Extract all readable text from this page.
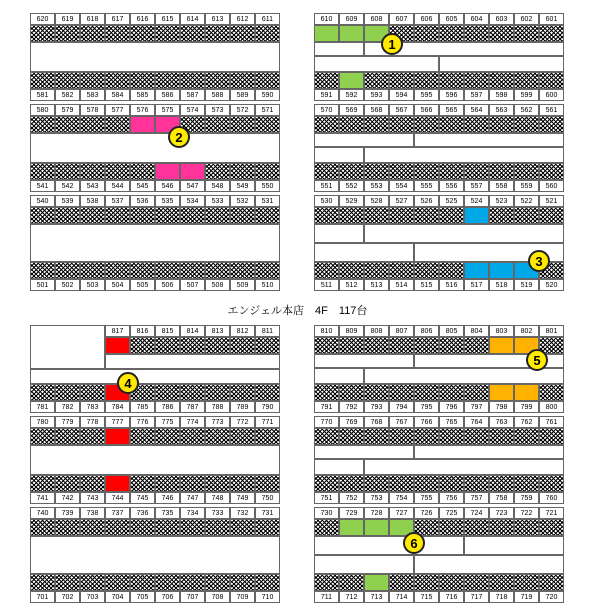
620	619	618	617	616	615	614	613	612	611	610	609	608	607	606	605	604	603	602	601
581	582	583	584	585	586	587	588	589	590	591	592	593	594	595	596	597	598	599	600
580	579	578	577	576	575	574	573	572	571	570	569	568	567	566	565	564	563	562	561
541	542	543	544	545	546	547	548	549	550	551	552	553	554	555	556	557	558	559	560
540	539	538	537	536	535	534	533	532	531	530	529	528	527	526	525	524	523	522	521
501	502	503	504	505	506	507	508	509	510	511	512	513	514	515	516	517	518	519	520
817	816	815	814	813	812	811	810	809	808	807	806	805	804	803	802	801
781	782	783	784	785	786	787	788	789	790	791	792	793	794	795	796	797	798	799	800
780	779	778	777	776	775	774	773	772	771	770	769	768	767	766	765	764	763	762	761
741	742	743	744	745	746	747	748	749	750	751	752	753	754	755	756	757	758	759	760
740	739	738	737	736	735	734	733	732	731	730	729	728	727	726	725	724	723	722	721
701	702	703	704	705	706	707	708	709	710	711	712	713	714	715	716	717	718	719	720
1
2
3
4
5
6
エンジェル本店　4F　117台
